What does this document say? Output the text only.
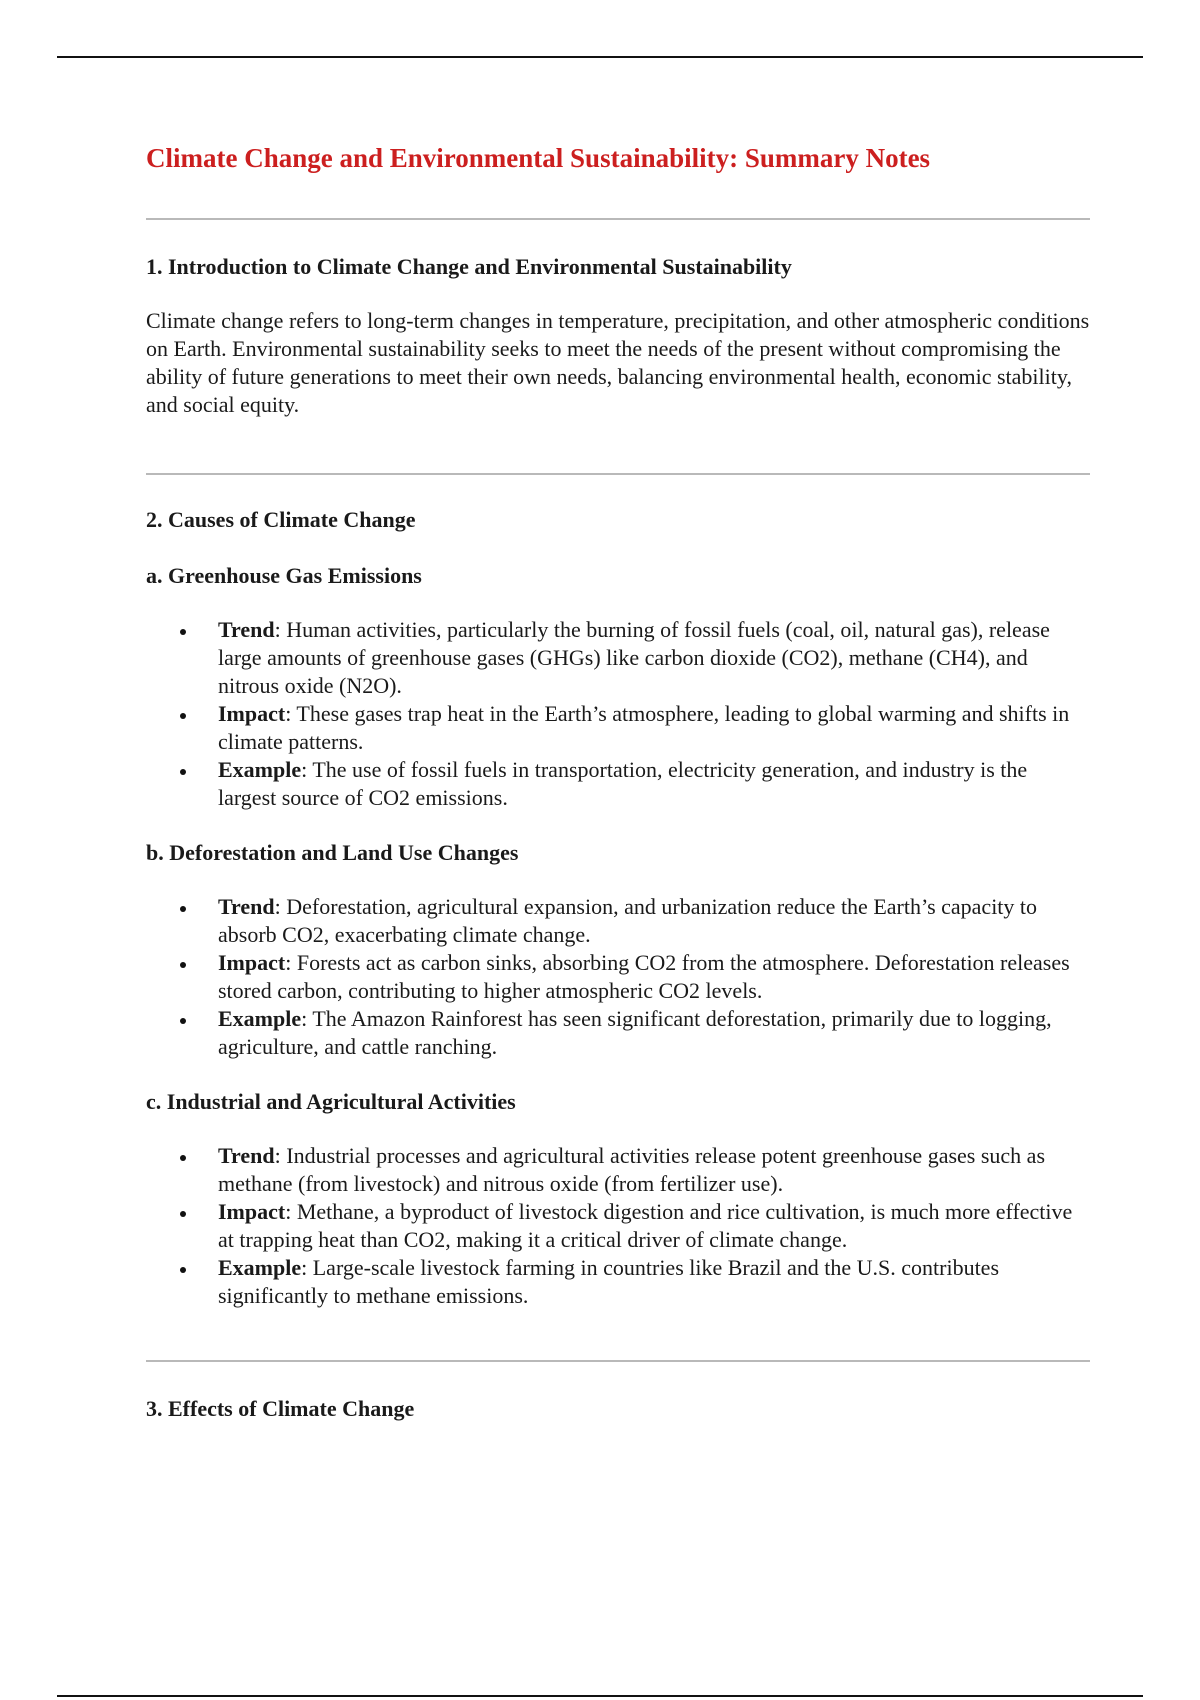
Climate Change and Environmental Sustainability: Summary Notes
1. Introduction to Climate Change and Environmental Sustainability

Climate change refers to long-term changes in temperature, precipitation, and other atmospheric conditions on Earth. Environmental sustainability seeks to meet the needs of the present without compromising the ability of future generations to meet their own needs, balancing environmental health, economic stability, and social equity.

2. Causes of Climate Change
a. Greenhouse Gas Emissions
Trend: Human activities, particularly the burning of fossil fuels (coal, oil, natural gas), release large amounts of greenhouse gases (GHGs) like carbon dioxide (CO2), methane (CH4), and nitrous oxide (N2O).
Impact: These gases trap heat in the Earth’s atmosphere, leading to global warming and shifts in climate patterns.
Example: The use of fossil fuels in transportation, electricity generation, and industry is the largest source of CO2 emissions.
b. Deforestation and Land Use Changes
Trend: Deforestation, agricultural expansion, and urbanization reduce the Earth’s capacity to absorb CO2, exacerbating climate change.
Impact: Forests act as carbon sinks, absorbing CO2 from the atmosphere. Deforestation releases stored carbon, contributing to higher atmospheric CO2 levels.
Example: The Amazon Rainforest has seen significant deforestation, primarily due to logging, agriculture, and cattle ranching.
c. Industrial and Agricultural Activities
Trend: Industrial processes and agricultural activities release potent greenhouse gases such as methane (from livestock) and nitrous oxide (from fertilizer use).
Impact: Methane, a byproduct of livestock digestion and rice cultivation, is much more effective at trapping heat than CO2, making it a critical driver of climate change.
Example: Large-scale livestock farming in countries like Brazil and the U.S. contributes significantly to methane emissions.
3. Effects of Climate Change
